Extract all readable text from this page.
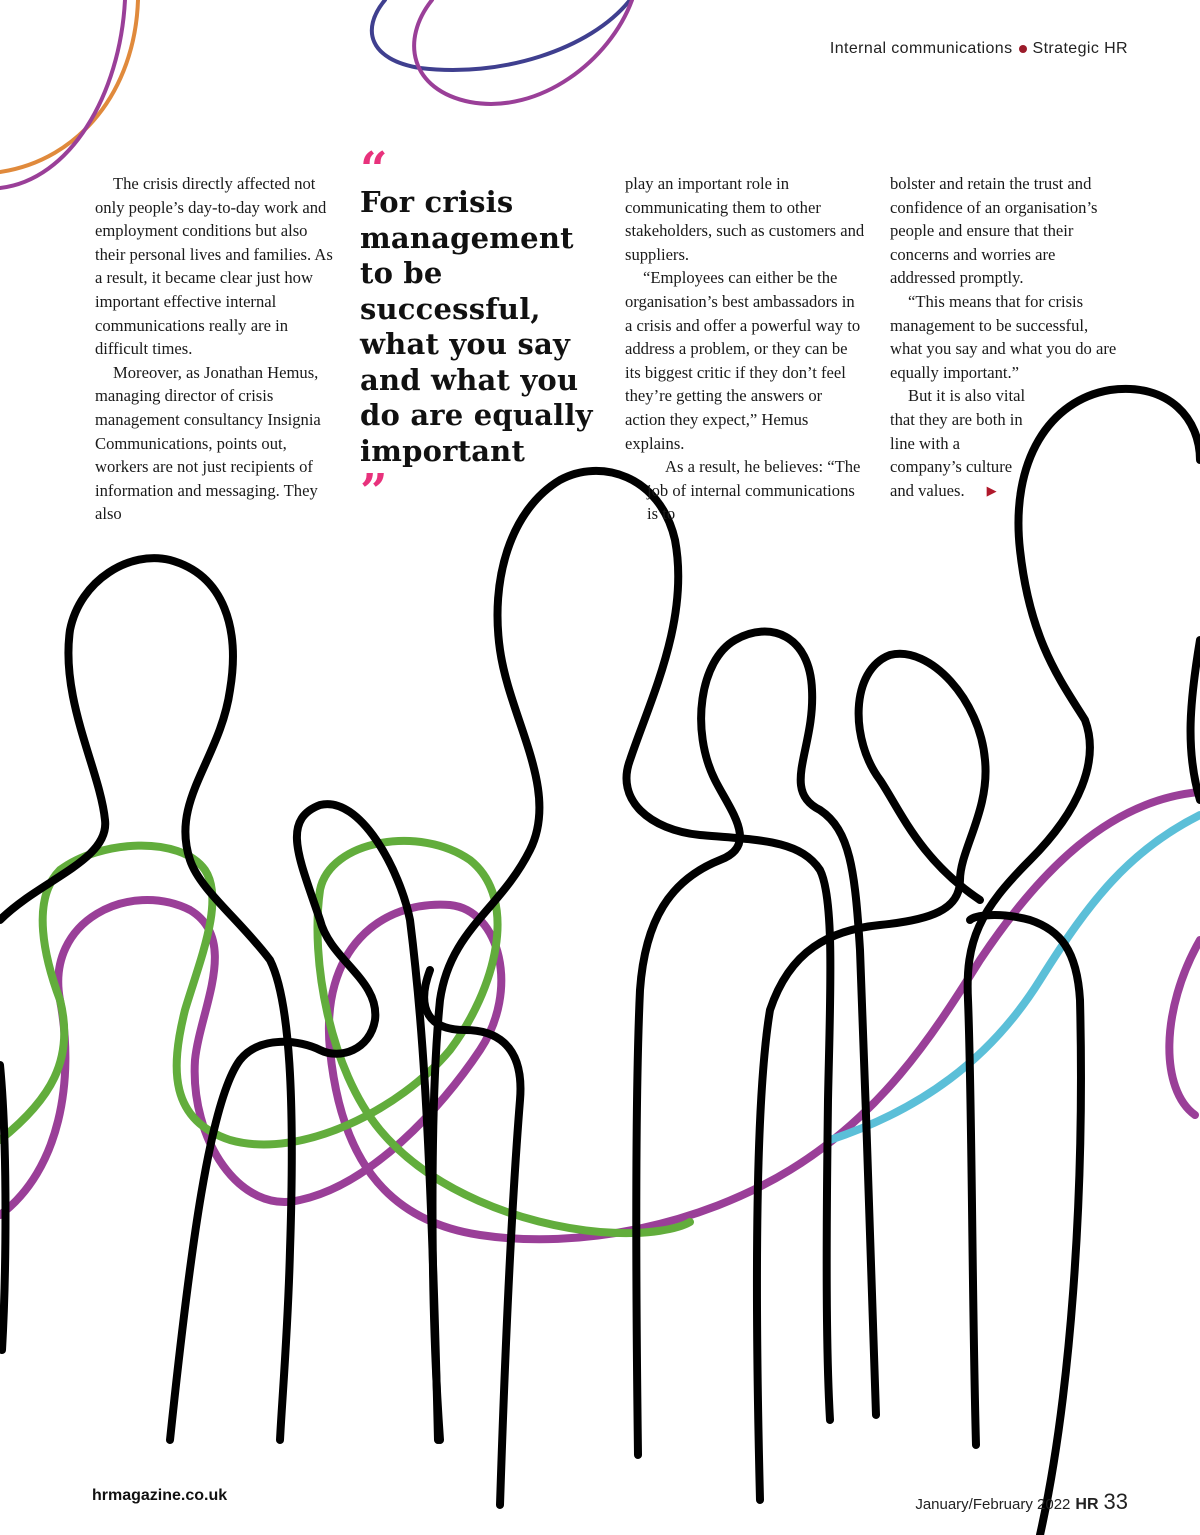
Internal communications Strategic HR

The crisis directly affected not only people’s day-to-day work and employment conditions but also their personal lives and families. As a result, it became clear just how important effective internal communications really are in difficult times.

Moreover, as Jonathan Hemus, managing director of crisis management consultancy Insignia Communications, points out, workers are not just recipients of information and messaging. They also

“
For crisis management to be successful, what you say and what you do are equally important
”

play an important role in communicating them to other stakeholders, such as customers and suppliers.

“Employees can either be the organisation’s best ambassadors in a crisis and offer a powerful way to address a problem, or they can be its biggest critic if they don’t feel they’re getting the answers or action they expect,” Hemus explains.

As a result, he believes: “The job of internal communications is to

bolster and retain the trust and confidence of an organisation’s people and ensure that their concerns and worries are addressed promptly.

“This means that for crisis management to be successful, what you say and what you do are equally important.”

But it is also vital that they are both in line with a company’s culture and values. ▶

hrmagazine.co.uk
January/February 2022 HR 33
